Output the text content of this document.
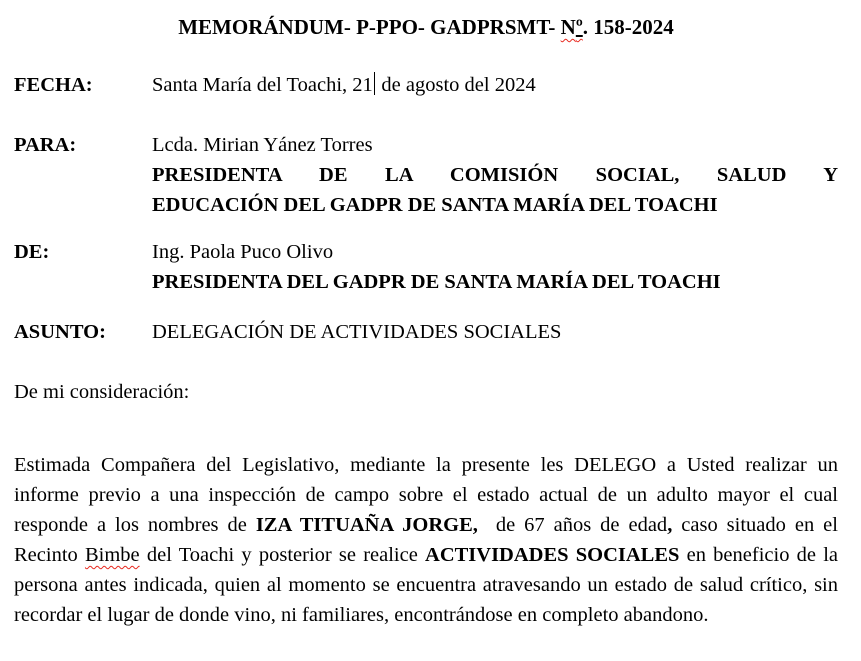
MEMORÁNDUM- P-PPO- GADPRSMT- Nº. 158-2024
FECHA:	Santa María del Toachi, 21 de agosto del 2024
PARA:	Lcda. Mirian Yánez Torres
PRESIDENTA DE LA COMISIÓN SOCIAL, SALUD Y
EDUCACIÓN DEL GADPR DE SANTA MARÍA DEL TOACHI
DE:	Ing. Paola Puco Olivo
PRESIDENTA DEL GADPR DE SANTA MARÍA DEL TOACHI
ASUNTO:	DELEGACIÓN DE ACTIVIDADES SOCIALES

De mi consideración:

Estimada Compañera del Legislativo, mediante la presente les DELEGO a Usted realizar un informe previo a una inspección de campo sobre el estado actual de un adulto mayor el cual responde a los nombres de IZA TITUAÑA JORGE,  de 67 años de edad, caso situado en el Recinto Bimbe del Toachi y posterior se realice ACTIVIDADES SOCIALES en beneficio de la persona antes indicada, quien al momento se encuentra atravesando un estado de salud crítico, sin recordar el lugar de donde vino, ni familiares, encontrándose en completo abandono.
